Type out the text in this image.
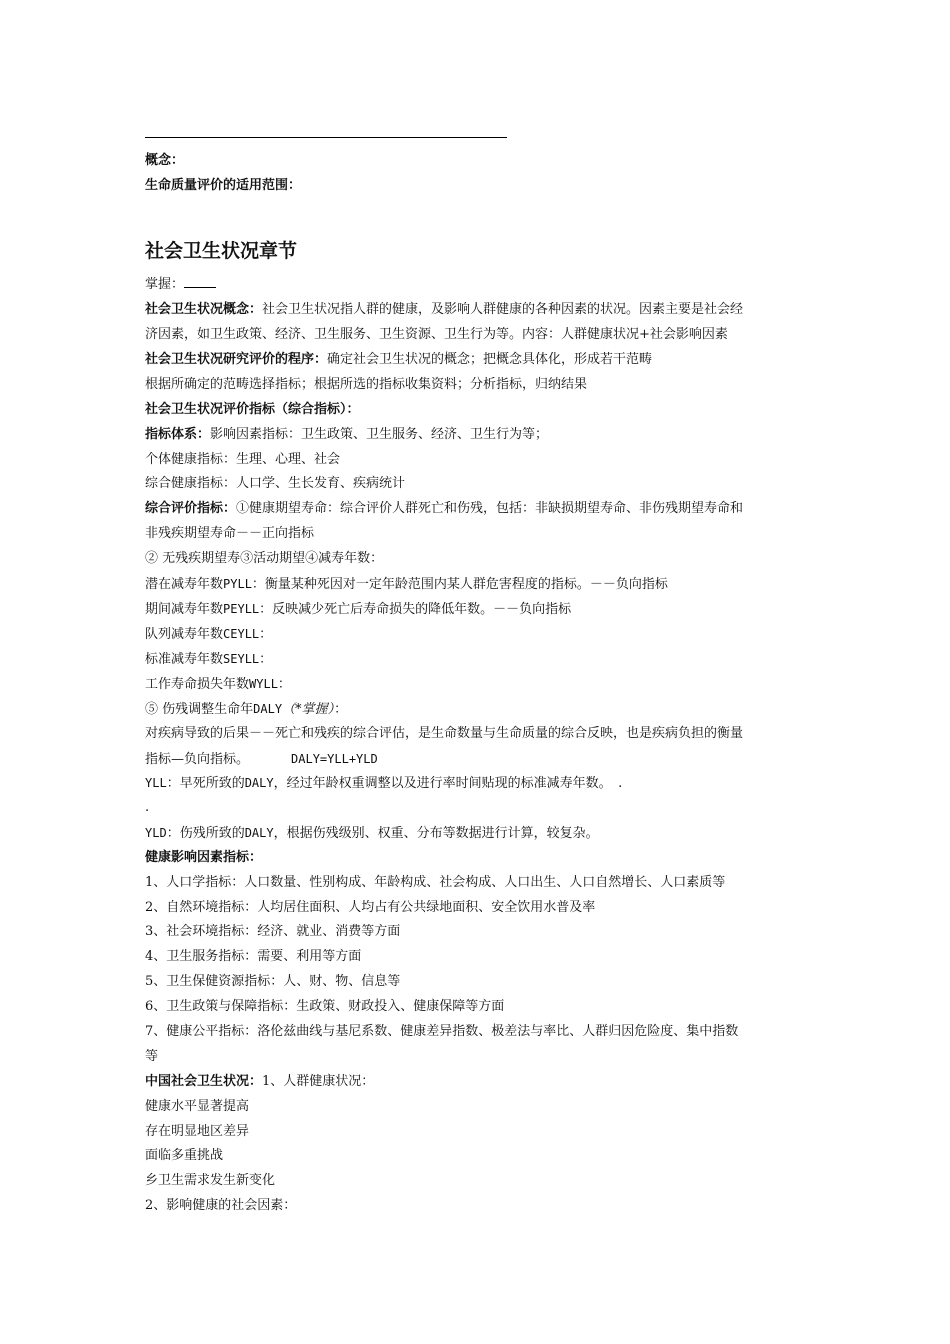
概念：
生命质量评价的适用范围：
社会卫生状况章节
掌握：
社会卫生状况概念：社会卫生状况指人群的健康，及影响人群健康的各种因素的状况。因素主要是社会经
济因素，如卫生政策、经济、卫生服务、卫生资源、卫生行为等。内容：人群健康状况+社会影响因素
社会卫生状况研究评价的程序：确定社会卫生状况的概念；把概念具体化，形成若干范畴
根据所确定的范畴选择指标；根据所选的指标收集资料；分析指标，归纳结果
社会卫生状况评价指标（综合指标）：
指标体系：影响因素指标：卫生政策、卫生服务、经济、卫生行为等；
个体健康指标：生理、心理、社会
综合健康指标：人口学、生长发育、疾病统计
综合评价指标：①健康期望寿命：综合评价人群死亡和伤残，包括：非缺损期望寿命、非伤残期望寿命和
非残疾期望寿命－－正向指标
② 无残疾期望寿③活动期望④减寿年数：
潜在减寿年数PYLL：衡量某种死因对一定年龄范围内某人群危害程度的指标。－－负向指标
期间减寿年数PEYLL：反映减少死亡后寿命损失的降低年数。－－负向指标
队列减寿年数CEYLL：
标准减寿年数SEYLL：
工作寿命损失年数WYLL：
⑤ 伤残调整生命年DALY（*掌握）：
对疾病导致的后果－－死亡和残疾的综合评估，是生命数量与生命质量的综合反映，也是疾病负担的衡量
指标—负向指标。	DALY=YLL+YLD
YLL：早死所致的DALY，经过年龄权重调整以及进行率时间贴现的标准减寿年数。　.
.
YLD：伤残所致的DALY，根据伤残级别、权重、分布等数据进行计算，较复杂。
健康影响因素指标：
1、人口学指标：人口数量、性别构成、年龄构成、社会构成、人口出生、人口自然增长、人口素质等
2、自然环境指标：人均居住面积、人均占有公共绿地面积、安全饮用水普及率
3、社会环境指标：经济、就业、消费等方面
4、卫生服务指标：需要、利用等方面
5、卫生保健资源指标：人、财、物、信息等
6、卫生政策与保障指标：生政策、财政投入、健康保障等方面
7、健康公平指标：洛伦兹曲线与基尼系数、健康差异指数、极差法与率比、人群归因危险度、集中指数
等
中国社会卫生状况：1、人群健康状况：
健康水平显著提高
存在明显地区差异
面临多重挑战
乡卫生需求发生新变化
2、影响健康的社会因素：
